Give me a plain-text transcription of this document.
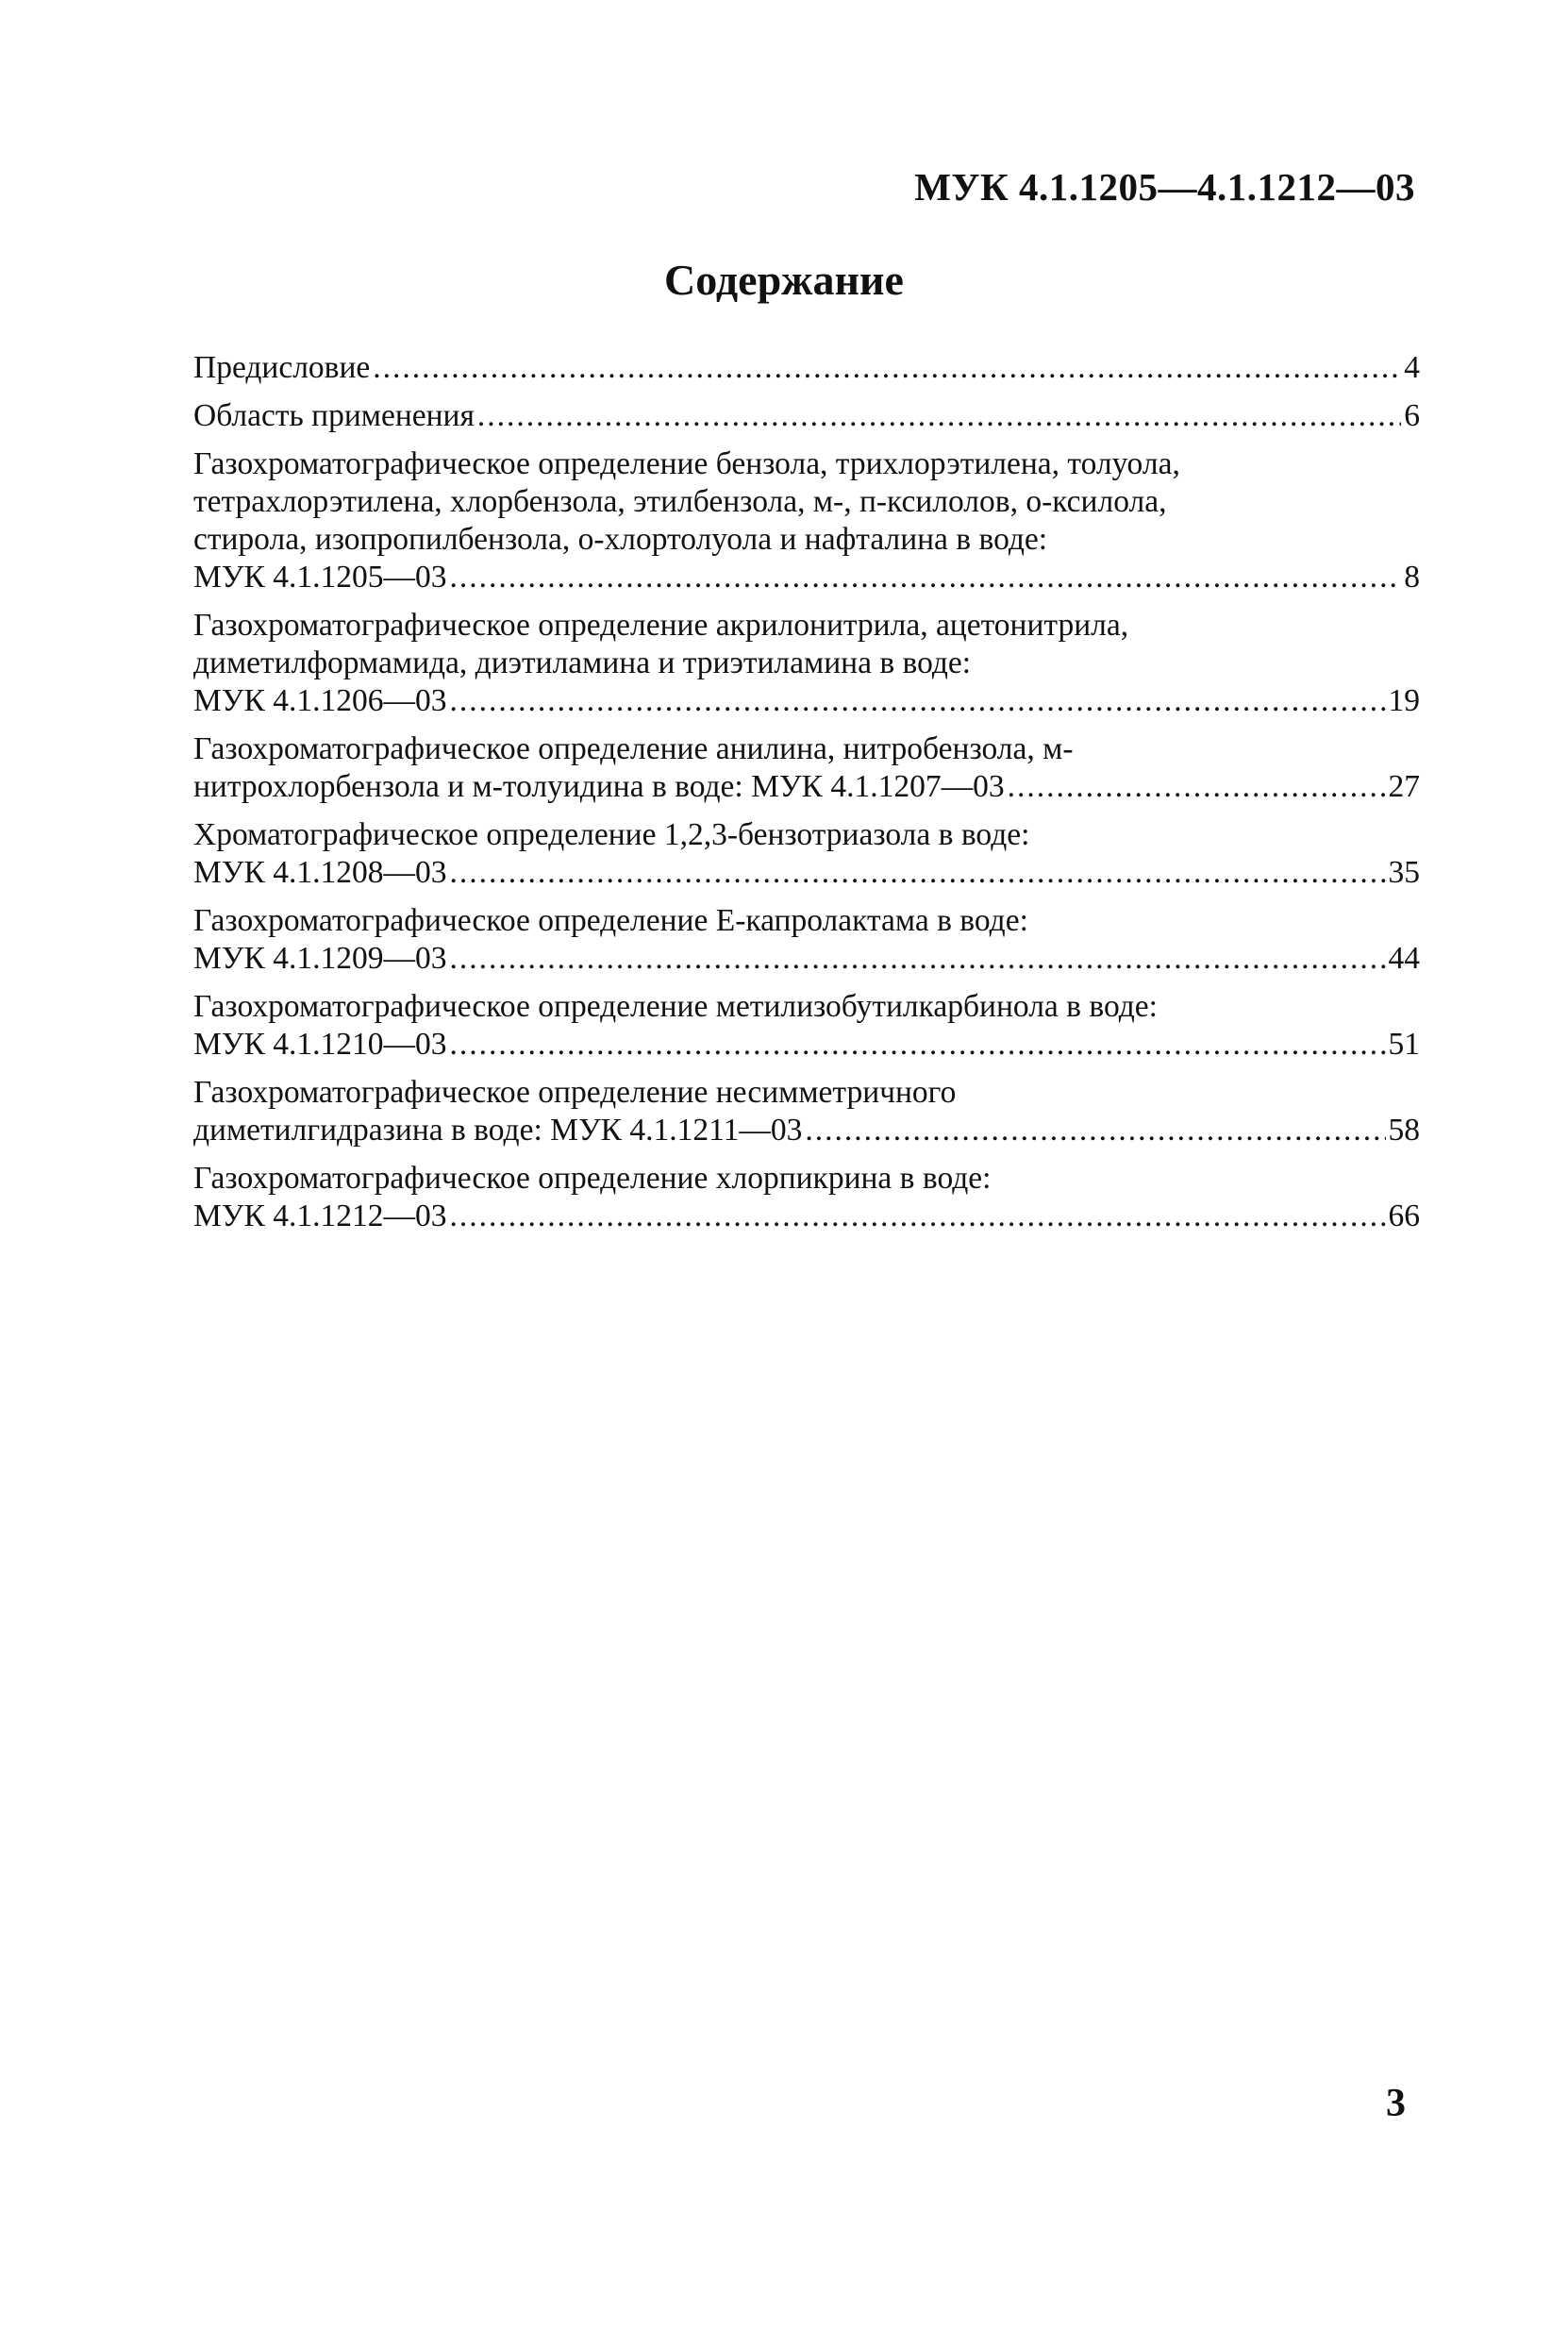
МУК 4.1.1205—4.1.1212—03
Содержание
Предисловие .....	4
Область применения .....	6
Газохроматографическое определение бензола, трихлорэтилена, толуола,
тетрахлорэтилена, хлорбензола, этилбензола, м-, п-ксилолов, о-ксилола,
стирола, изопропилбензола, о-хлортолуола и нафталина в воде:
МУК 4.1.1205—03 .....	8
Газохроматографическое определение акрилонитрила, ацетонитрила,
диметилформамида, диэтиламина и триэтиламина в воде:
МУК 4.1.1206—03 .....	19
Газохроматографическое определение анилина, нитробензола, м-
нитрохлорбензола и м-толуидина в воде: МУК 4.1.1207—03 .....	27
Хроматографическое определение 1,2,3-бензотриазола в воде:
МУК 4.1.1208—03 .....	35
Газохроматографическое определение Е-капролактама в воде:
МУК 4.1.1209—03 .....	44
Газохроматографическое определение метилизобутилкарбинола в воде:
МУК 4.1.1210—03 .....	51
Газохроматографическое определение несимметричного
диметилгидразина в воде: МУК 4.1.1211—03 .....	58
Газохроматографическое определение хлорпикрина в воде:
МУК 4.1.1212—03 .....	66
3
